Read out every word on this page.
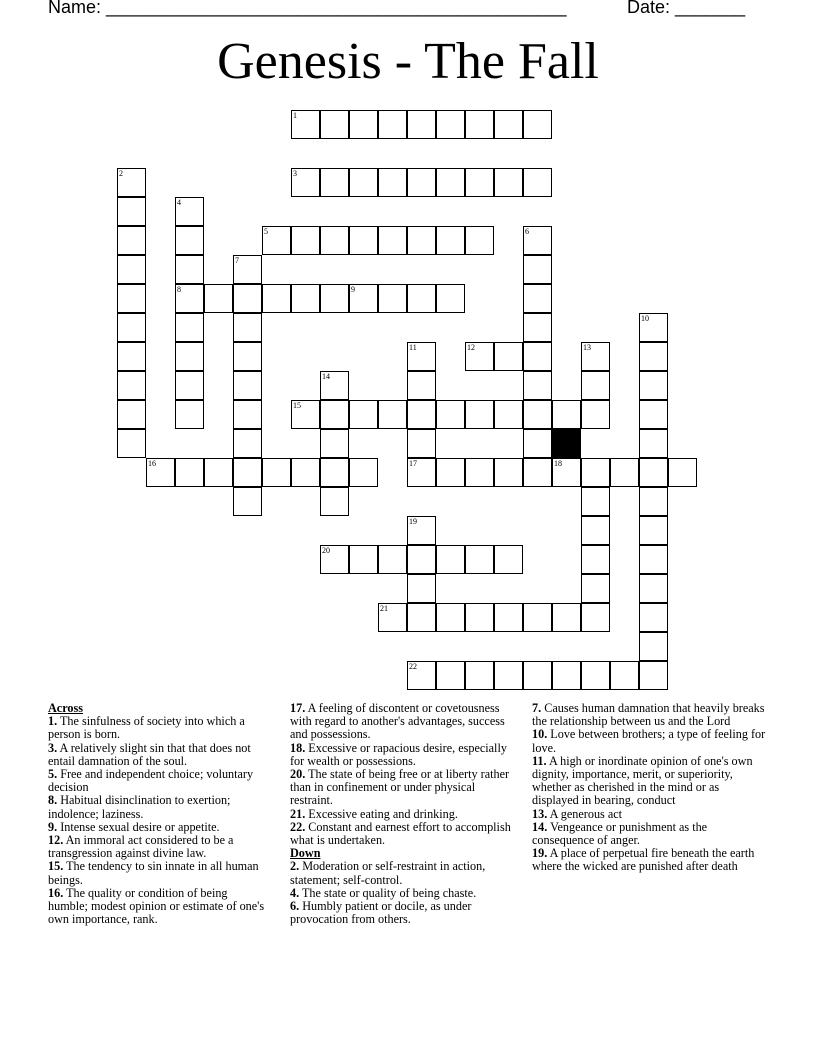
Name: ______________________________________________	Date: _______
Genesis - The Fall
1
2	3
4
8
5	6
7
9
10
11	12	13
14
15
16	17	18
19
20
21
22
Across
1. The sinfulness of society into which a person is born.
3. A relatively slight sin that that does not entail damnation of the soul.
5. Free and independent choice; voluntary decision
8. Habitual disinclination to exertion; indolence; laziness.
9. Intense sexual desire or appetite.
12. An immoral act considered to be a transgression against divine law.
15. The tendency to sin innate in all human beings.
16. The quality or condition of being humble; modest opinion or estimate of one's own importance, rank.
17. A feeling of discontent or covetousness with regard to another's advantages, success and possessions.
18. Excessive or rapacious desire, especially for wealth or possessions.
20. The state of being free or at liberty rather than in confinement or under physical restraint.
21. Excessive eating and drinking.
22. Constant and earnest effort to accomplish what is undertaken.
Down
2. Moderation or self-restraint in action, statement; self-control.
4. The state or quality of being chaste.
6. Humbly patient or docile, as under provocation from others.
7. Causes human damnation that heavily breaks the relationship between us and the Lord
10. Love between brothers; a type of feeling for love.
11. A high or inordinate opinion of one's own dignity, importance, merit, or superiority, whether as cherished in the mind or as displayed in bearing, conduct
13. A generous act
14. Vengeance or punishment as the consequence of anger.
19. A place of perpetual fire beneath the earth where the wicked are punished after death
